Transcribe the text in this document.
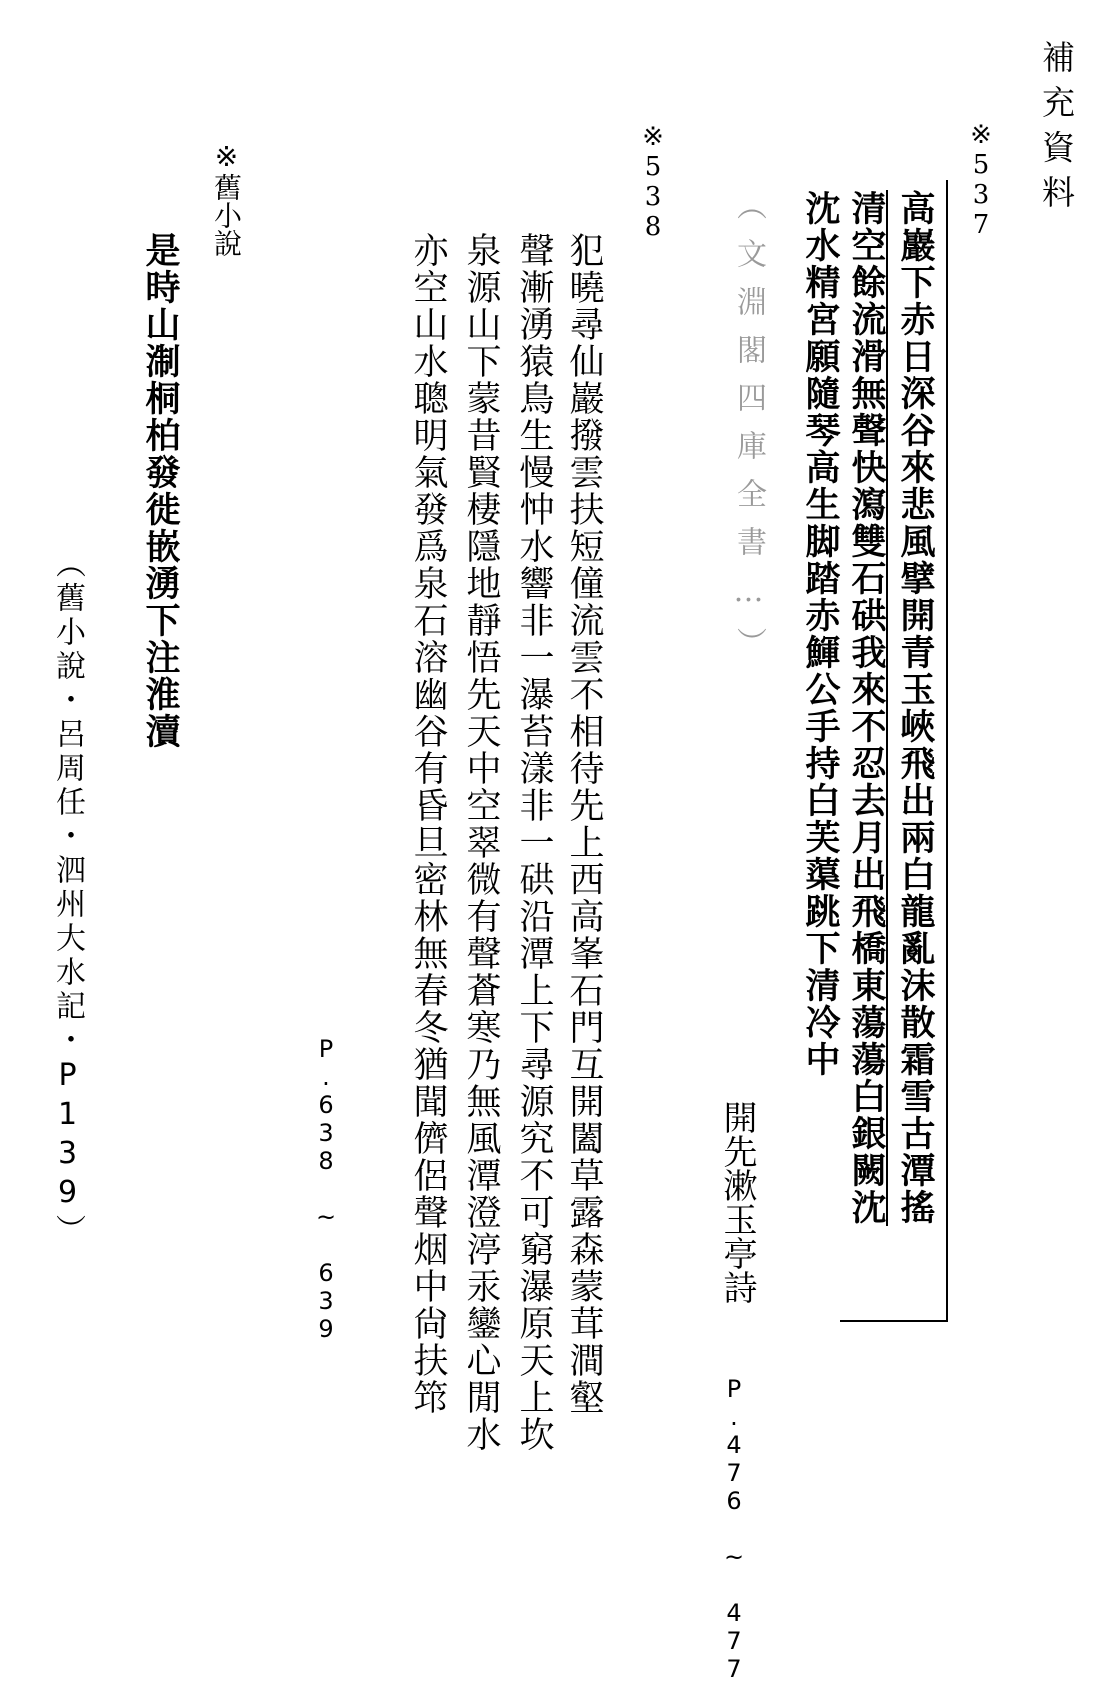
補充資料
※537
（文淵閣四庫全書…）	高巖下赤日深谷來悲風擘開青玉峽飛出兩白龍亂沫散霜雪古潭搖
清空餘流滑無聲快瀉雙石硔我來不忍去月出飛橋東蕩蕩白銀闕沈
沈水精宮願隨琴高生脚踏赤鯶公手持白芙蕖跳下清冷中
開先漱玉亭詩
P.476 ~ 477
※538
犯曉尋仙巖撥雲扶短僮流雲不相待先上西高峯石門互開闔草露森蒙茸澗壑
聲漸湧猿鳥生慢忡水響非一瀑苔漾非一硔沿潭上下尋源究不可窮瀑原天上坎
泉源山下蒙昔賢棲隱地靜悟先天中空翠微有聲蒼寒乃無風潭澄渟汞鑾心閒水
亦空山水聰明氣發爲泉石溶幽谷有昏旦密林無春冬猶聞儕侶聲烟中尙扶筇
P.638 ~ 639
※舊小說
是時山淛桐柏發徙嵌湧下注淮瀆
（舊小說・呂周任・泗州大水記・P139）
